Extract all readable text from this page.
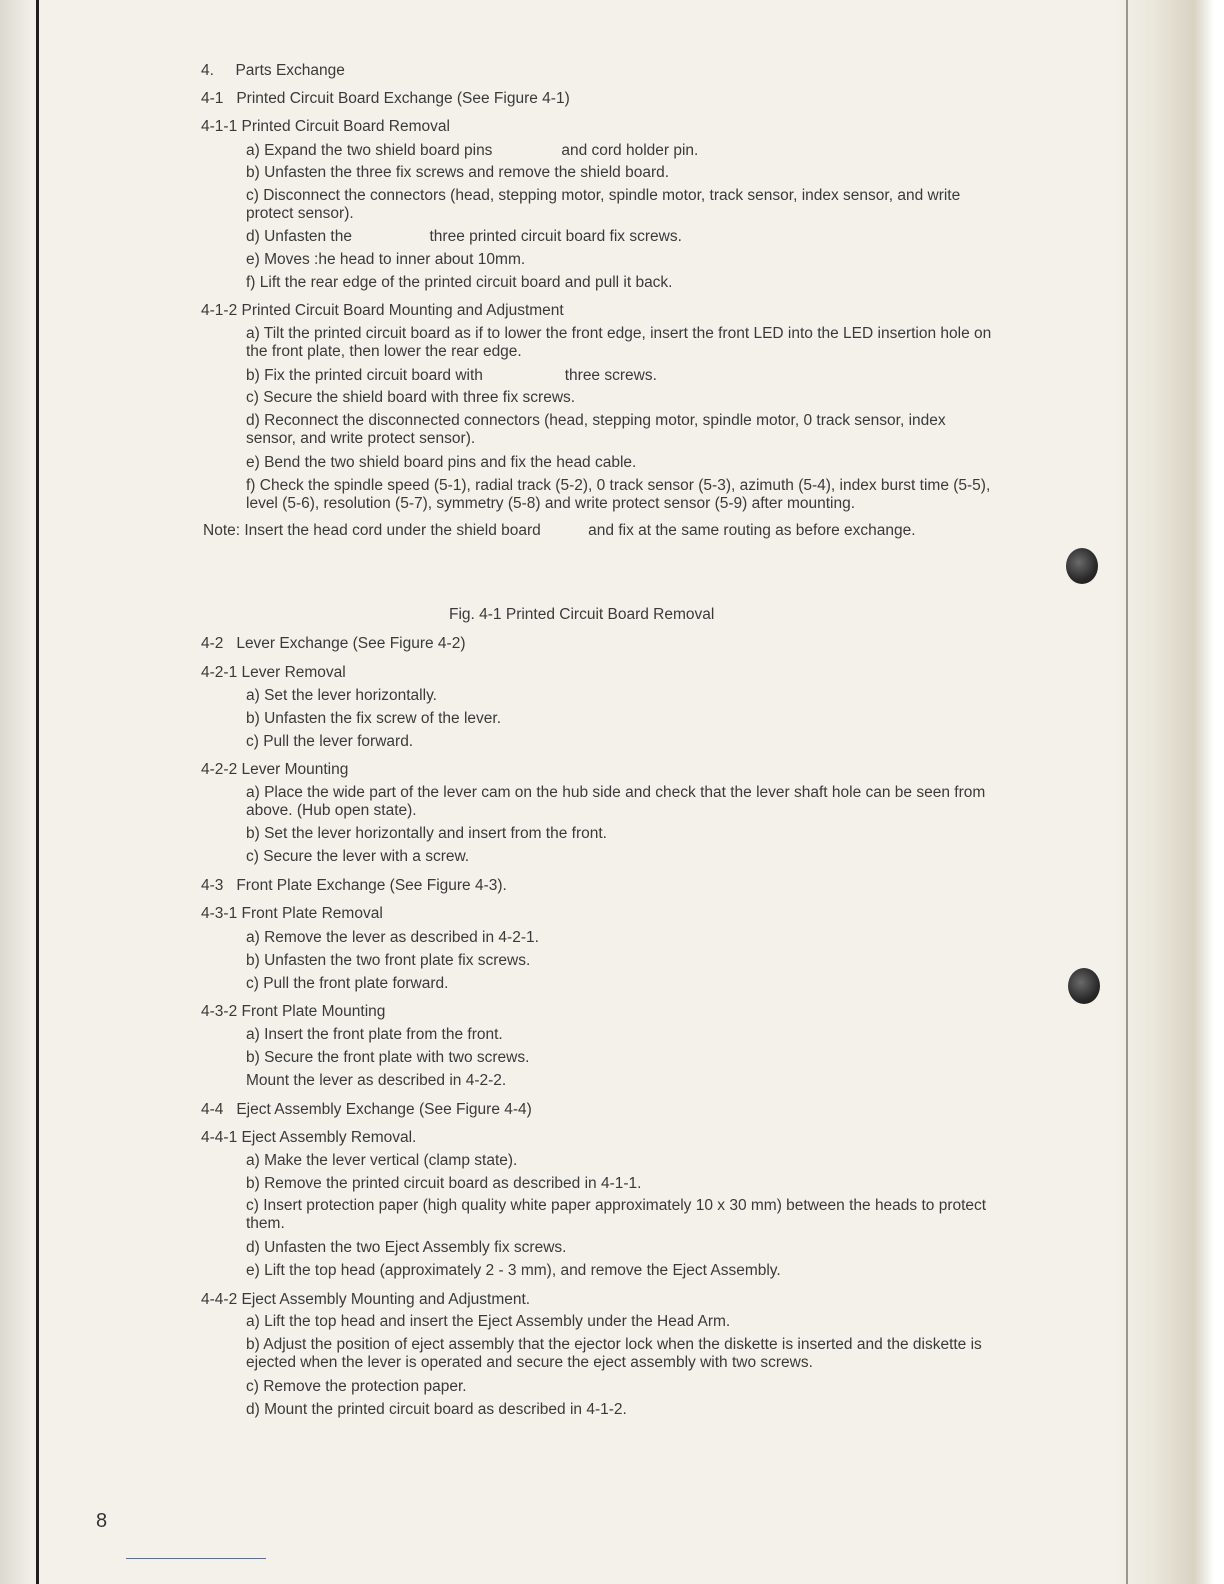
4.     Parts Exchange
4-1   Printed Circuit Board Exchange (See Figure 4-1)
4-1-1 Printed Circuit Board Removal
a) Expand the two shield board pins                and cord holder pin.
b) Unfasten the three fix screws and remove the shield board.
c) Disconnect the connectors (head, stepping motor, spindle motor, track sensor, index sensor, and write protect sensor).
d) Unfasten the                  three printed circuit board fix screws.
e) Moves :he head to inner about 10mm.
f) Lift the rear edge of the printed circuit board and pull it back.
4-1-2 Printed Circuit Board Mounting and Adjustment
a) Tilt the printed circuit board as if to lower the front edge, insert the front LED into the LED insertion hole on the front plate, then lower the rear edge.
b) Fix the printed circuit board with                   three screws.
c) Secure the shield board with three fix screws.
d) Reconnect the disconnected connectors (head, stepping motor, spindle motor, 0 track sensor, index sensor, and write protect sensor).
e) Bend the two shield board pins and fix the head cable.
f) Check the spindle speed (5-1), radial track (5-2), 0 track sensor (5-3), azimuth (5-4), index burst time (5-5), level (5-6), resolution (5-7), symmetry (5-8) and write protect sensor (5-9) after mounting.
Note: Insert the head cord under the shield board           and fix at the same routing as before exchange.
Fig. 4-1 Printed Circuit Board Removal
4-2   Lever Exchange (See Figure 4-2)
4-2-1 Lever Removal
a) Set the lever horizontally.
b) Unfasten the fix screw of the lever.
c) Pull the lever forward.
4-2-2 Lever Mounting
a) Place the wide part of the lever cam on the hub side and check that the lever shaft hole can be seen from above. (Hub open state).
b) Set the lever horizontally and insert from the front.
c) Secure the lever with a screw.
4-3   Front Plate Exchange (See Figure 4-3).
4-3-1 Front Plate Removal
a) Remove the lever as described in 4-2-1.
b) Unfasten the two front plate fix screws.
c) Pull the front plate forward.
4-3-2 Front Plate Mounting
a) Insert the front plate from the front.
b) Secure the front plate with two screws.
Mount the lever as described in 4-2-2.
4-4   Eject Assembly Exchange (See Figure 4-4)
4-4-1 Eject Assembly Removal.
a) Make the lever vertical (clamp state).
b) Remove the printed circuit board as described in 4-1-1.
c) Insert protection paper (high quality white paper approximately 10 x 30 mm) between the heads to protect them.
d) Unfasten the two Eject Assembly fix screws.
e) Lift the top head (approximately 2 - 3 mm), and remove the Eject Assembly.
4-4-2 Eject Assembly Mounting and Adjustment.
a) Lift the top head and insert the Eject Assembly under the Head Arm.
b) Adjust the position of eject assembly that the ejector lock when the diskette is inserted and the diskette is ejected when the lever is operated and secure the eject assembly with two screws.
c) Remove the protection paper.
d) Mount the printed circuit board as described in 4-1-2.
8
